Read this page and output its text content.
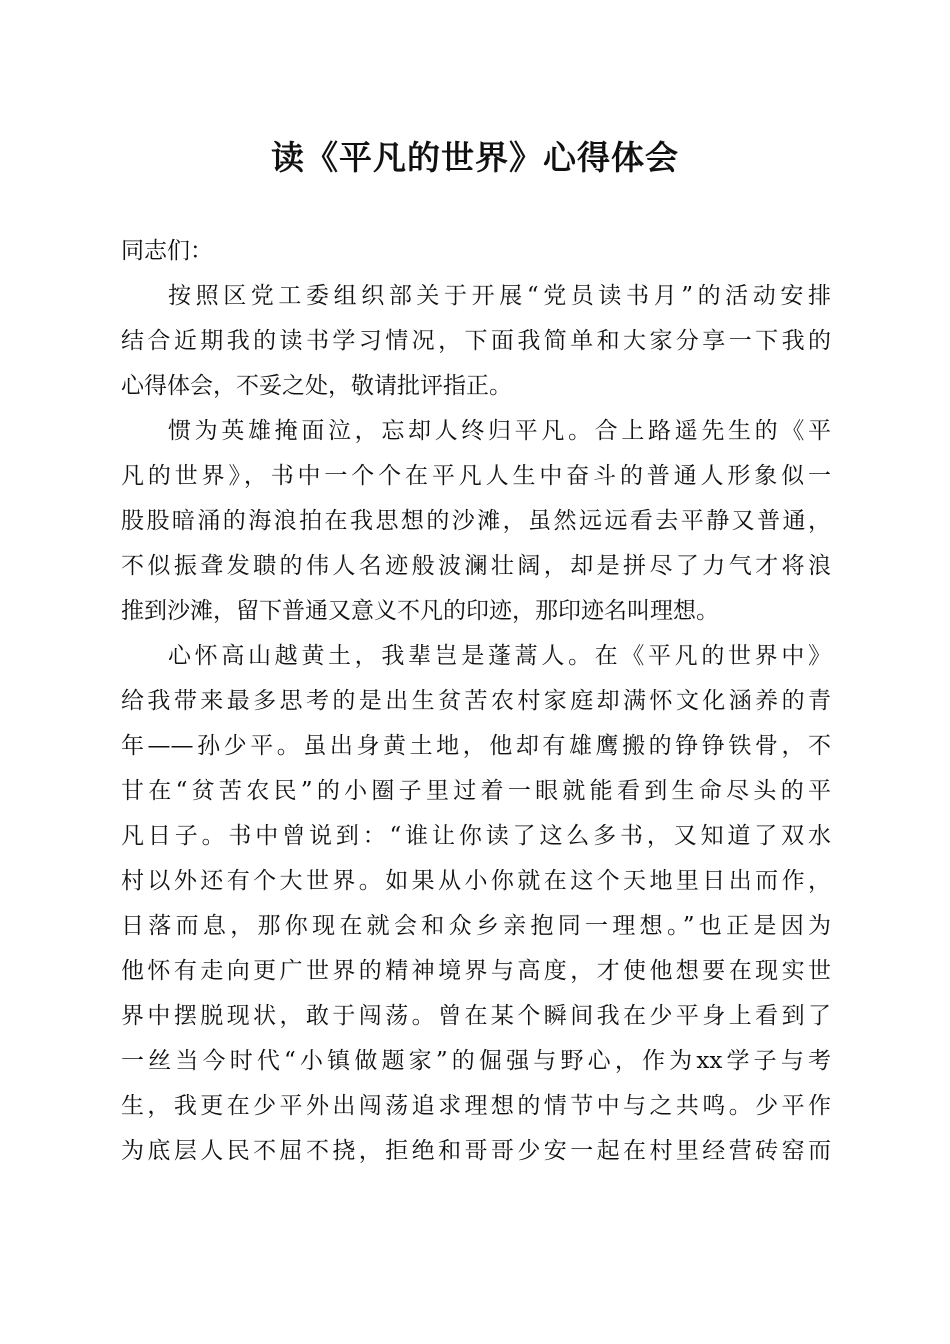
读《平凡的世界》心得体会
同志们：
按照区党工委组织部关于开展“党员读书月”的活动安排
结合近期我的读书学习情况，下面我简单和大家分享一下我的
心得体会，不妥之处，敬请批评指正。
惯为英雄掩面泣，忘却人终归平凡。合上路遥先生的《平
凡的世界》，书中一个个在平凡人生中奋斗的普通人形象似一
股股暗涌的海浪拍在我思想的沙滩，虽然远远看去平静又普通，
不似振聋发聩的伟人名迹般波澜壮阔，却是拼尽了力气才将浪
推到沙滩，留下普通又意义不凡的印迹，那印迹名叫理想。
心怀高山越黄土，我辈岂是蓬蒿人。在《平凡的世界中》
给我带来最多思考的是出生贫苦农村家庭却满怀文化涵养的青
年——孙少平。虽出身黄土地，他却有雄鹰搬的铮铮铁骨，不
甘在“贫苦农民”的小圈子里过着一眼就能看到生命尽头的平
凡日子。书中曾说到：“谁让你读了这么多书，又知道了双水
村以外还有个大世界。如果从小你就在这个天地里日出而作，
日落而息，那你现在就会和众乡亲抱同一理想。”也正是因为
他怀有走向更广世界的精神境界与高度，才使他想要在现实世
界中摆脱现状，敢于闯荡。曾在某个瞬间我在少平身上看到了
一丝当今时代“小镇做题家”的倔强与野心，作为xx学子与考
生，我更在少平外出闯荡追求理想的情节中与之共鸣。少平作
为底层人民不屈不挠，拒绝和哥哥少安一起在村里经营砖窑而
